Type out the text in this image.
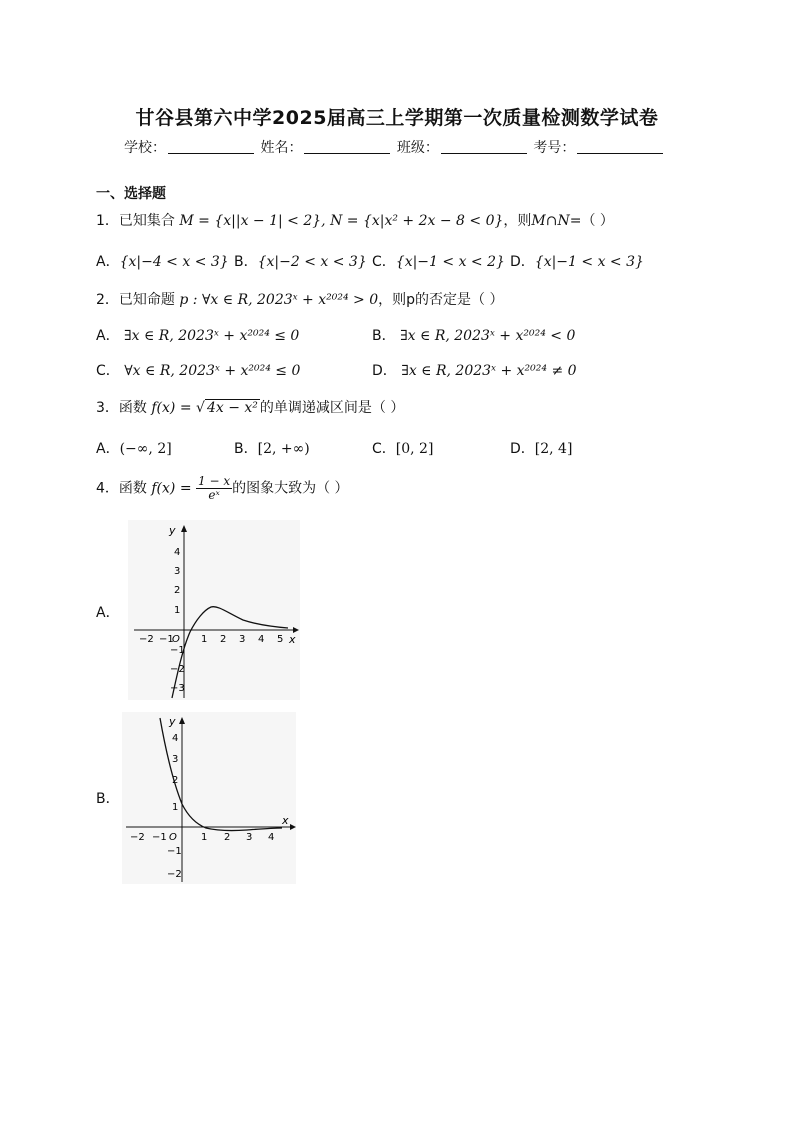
甘谷县第六中学2025届高三上学期第一次质量检测数学试卷
学校：	姓名：	班级：	考号：
一、选择题
1．已知集合 M = {x||x − 1| < 2}, N = {x|x² + 2x − 8 < 0}，则M∩N=（ ）
A．{x|−4 < x < 3} B．{x|−2 < x < 3} C．{x|−1 < x < 2} D．{x|−1 < x < 3}
2．已知命题 p : ∀x ∈ R, 2023ˣ + x²⁰²⁴ > 0，则p的否定是（ ）
A． ∃x ∈ R, 2023ˣ + x²⁰²⁴ ≤ 0	B． ∃x ∈ R, 2023ˣ + x²⁰²⁴ < 0
C． ∀x ∈ R, 2023ˣ + x²⁰²⁴ ≤ 0	D． ∃x ∈ R, 2023ˣ + x²⁰²⁴ ≠ 0
3．函数 f(x) = √ 4x − x² 的单调递减区间是（ ）
A．(−∞, 2]	B．[2, +∞)	C．[0, 2]	D．[2, 4]
4．函数 $f(x) = \frac{1 - x}{\text{eˣ}}$ 的图象大致为（ ）
A．
B．
y
x
−2 −1
O 1 2 3 4 5
4
3
2
1
−1
−2
−3
y
x
−2 −1 O 1 2 3 4
4
3
2
1
−1
−2
